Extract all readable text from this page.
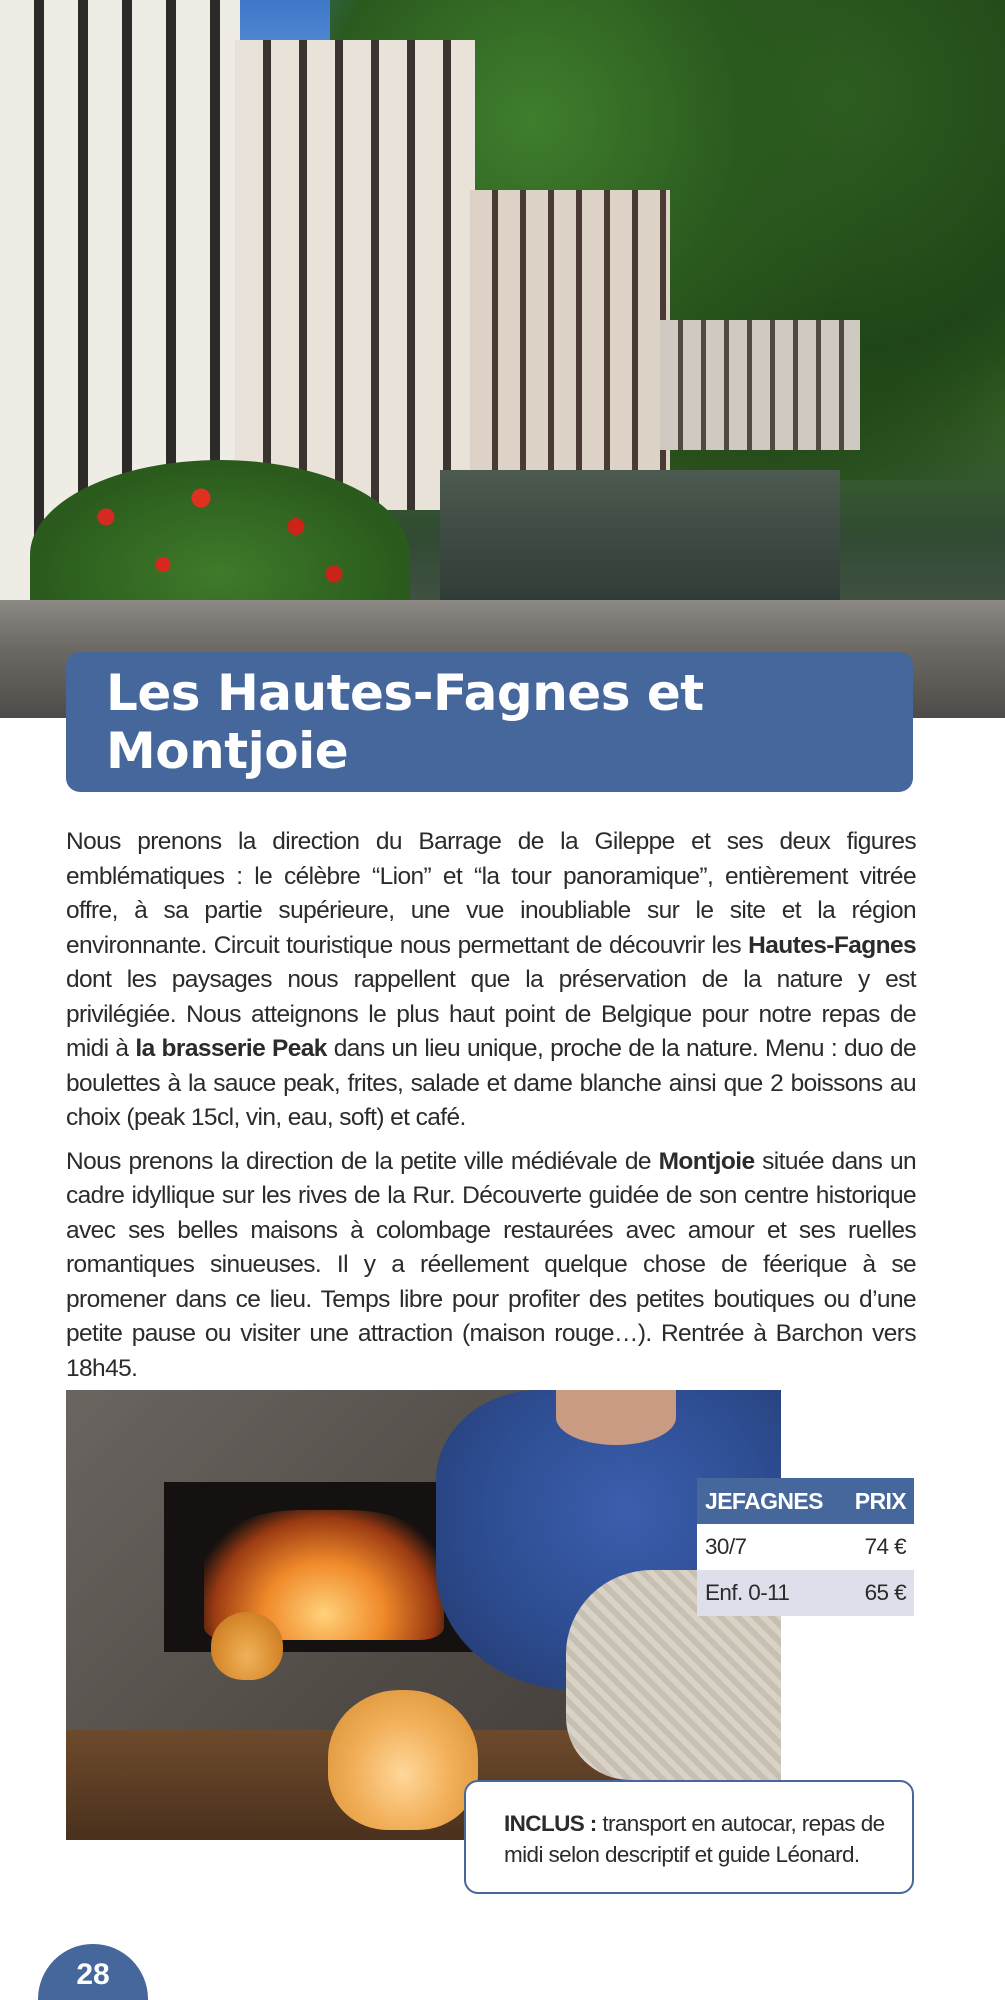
Les Hautes-Fagnes et Montjoie

Nous prenons la direction du Barrage de la Gileppe et ses deux figures emblématiques : le célèbre “Lion” et “la tour panoramique”, entièrement vitrée offre, à sa partie supérieure, une vue inoubliable sur le site et la région environnante. Circuit touristique nous permettant de découvrir les Hautes-Fagnes dont les paysages nous rappellent que la préservation de la nature y est privilégiée. Nous atteignons le plus haut point de Belgique pour notre repas de midi à la brasserie Peak dans un lieu unique, proche de la nature. Menu : duo de boulettes à la sauce peak, frites, salade et dame blanche ainsi que 2 boissons au choix (peak 15cl, vin, eau, soft) et café.

Nous prenons la direction de la petite ville médiévale de Montjoie située dans un cadre idyllique sur les rives de la Rur. Découverte guidée de son centre historique avec ses belles maisons à colombage restaurées avec amour et ses ruelles romantiques sinueuses. Il y a réellement quelque chose de féerique à se promener dans ce lieu. Temps libre pour profiter des petites boutiques ou d’une petite pause ou visiter une attraction (maison rouge…). Rentrée à Barchon vers 18h45.

JEFAGNES	PRIX
30/7	74 €
Enf. 0-11	65 €
INCLUS : transport en autocar, repas de midi selon descriptif et guide Léonard.
28
